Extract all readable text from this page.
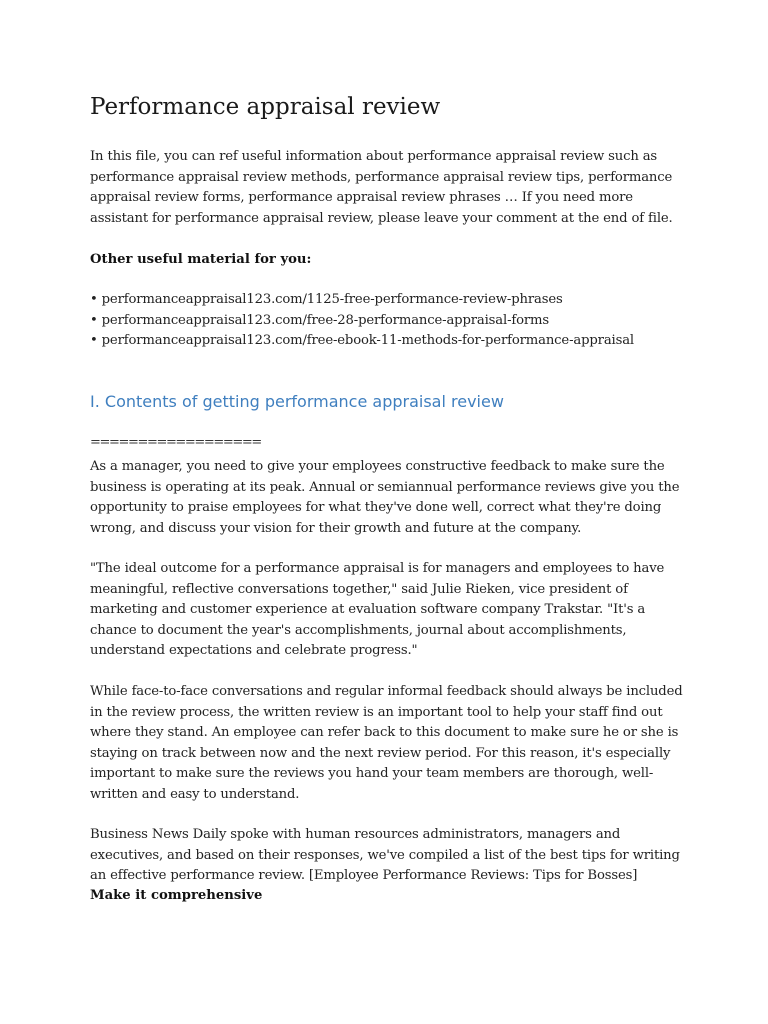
Performance appraisal review

In this file, you can ref useful information about performance appraisal review such as performance appraisal review methods, performance appraisal review tips, performance appraisal review forms, performance appraisal review phrases … If you need more assistant for performance appraisal review, please leave your comment at the end of file.

Other useful material for you:

• performanceappraisal123.com/1125-free-performance-review-phrases
• performanceappraisal123.com/free-28-performance-appraisal-forms
• performanceappraisal123.com/free-ebook-11-methods-for-performance-appraisal
I. Contents of getting performance appraisal review

==================

As a manager, you need to give your employees constructive feedback to make sure the business is operating at its peak. Annual or semiannual performance reviews give you the opportunity to praise employees for what they've done well, correct what they're doing wrong, and discuss your vision for their growth and future at the company.

"The ideal outcome for a performance appraisal is for managers and employees to have meaningful, reflective conversations together," said Julie Rieken, vice president of marketing and customer experience at evaluation software company Trakstar. "It's a chance to document the year's accomplishments, journal about accomplishments, understand expectations and celebrate progress."

While face-to-face conversations and regular informal feedback should always be included in the review process, the written review is an important tool to help your staff find out where they stand. An employee can refer back to this document to make sure he or she is staying on track between now and the next review period. For this reason, it's especially important to make sure the reviews you hand your team members are thorough, well-written and easy to understand.

Business News Daily spoke with human resources administrators, managers and executives, and based on their responses, we've compiled a list of the best tips for writing an effective performance review. [Employee Performance Reviews: Tips for Bosses]

Make it comprehensive
